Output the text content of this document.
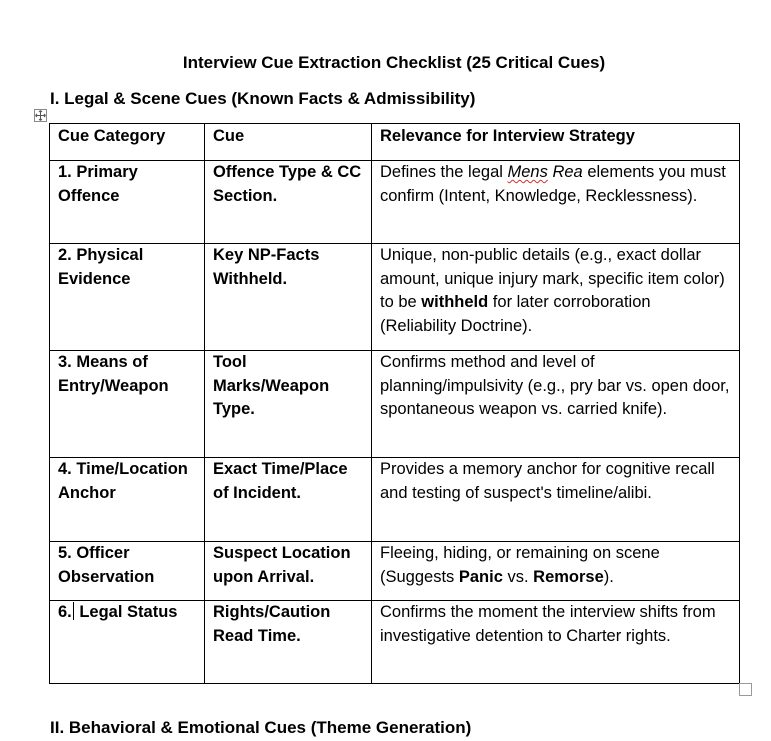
Interview Cue Extraction Checklist (25 Critical Cues)
I. Legal & Scene Cues (Known Facts & Admissibility)
Cue Category	Cue	Relevance for Interview Strategy
1. Primary Offence	Offence Type & CC Section.	Defines the legal Mens Rea elements you must confirm (Intent, Knowledge, Recklessness).
2. Physical Evidence	Key NP-Facts Withheld.	Unique, non-public details (e.g., exact dollar amount, unique injury mark, specific item color) to be withheld for later corroboration (Reliability Doctrine).
3. Means of Entry/Weapon	Tool Marks/Weapon Type.	Confirms method and level of planning/impulsivity (e.g., pry bar vs. open door, spontaneous weapon vs. carried knife).
4. Time/Location Anchor	Exact Time/Place of Incident.	Provides a memory anchor for cognitive recall and testing of suspect's timeline/alibi.
5. Officer Observation	Suspect Location upon Arrival.	Fleeing, hiding, or remaining on scene (Suggests Panic vs. Remorse).
6. Legal Status	Rights/Caution Read Time.	Confirms the moment the interview shifts from investigative detention to Charter rights.
II. Behavioral & Emotional Cues (Theme Generation)
